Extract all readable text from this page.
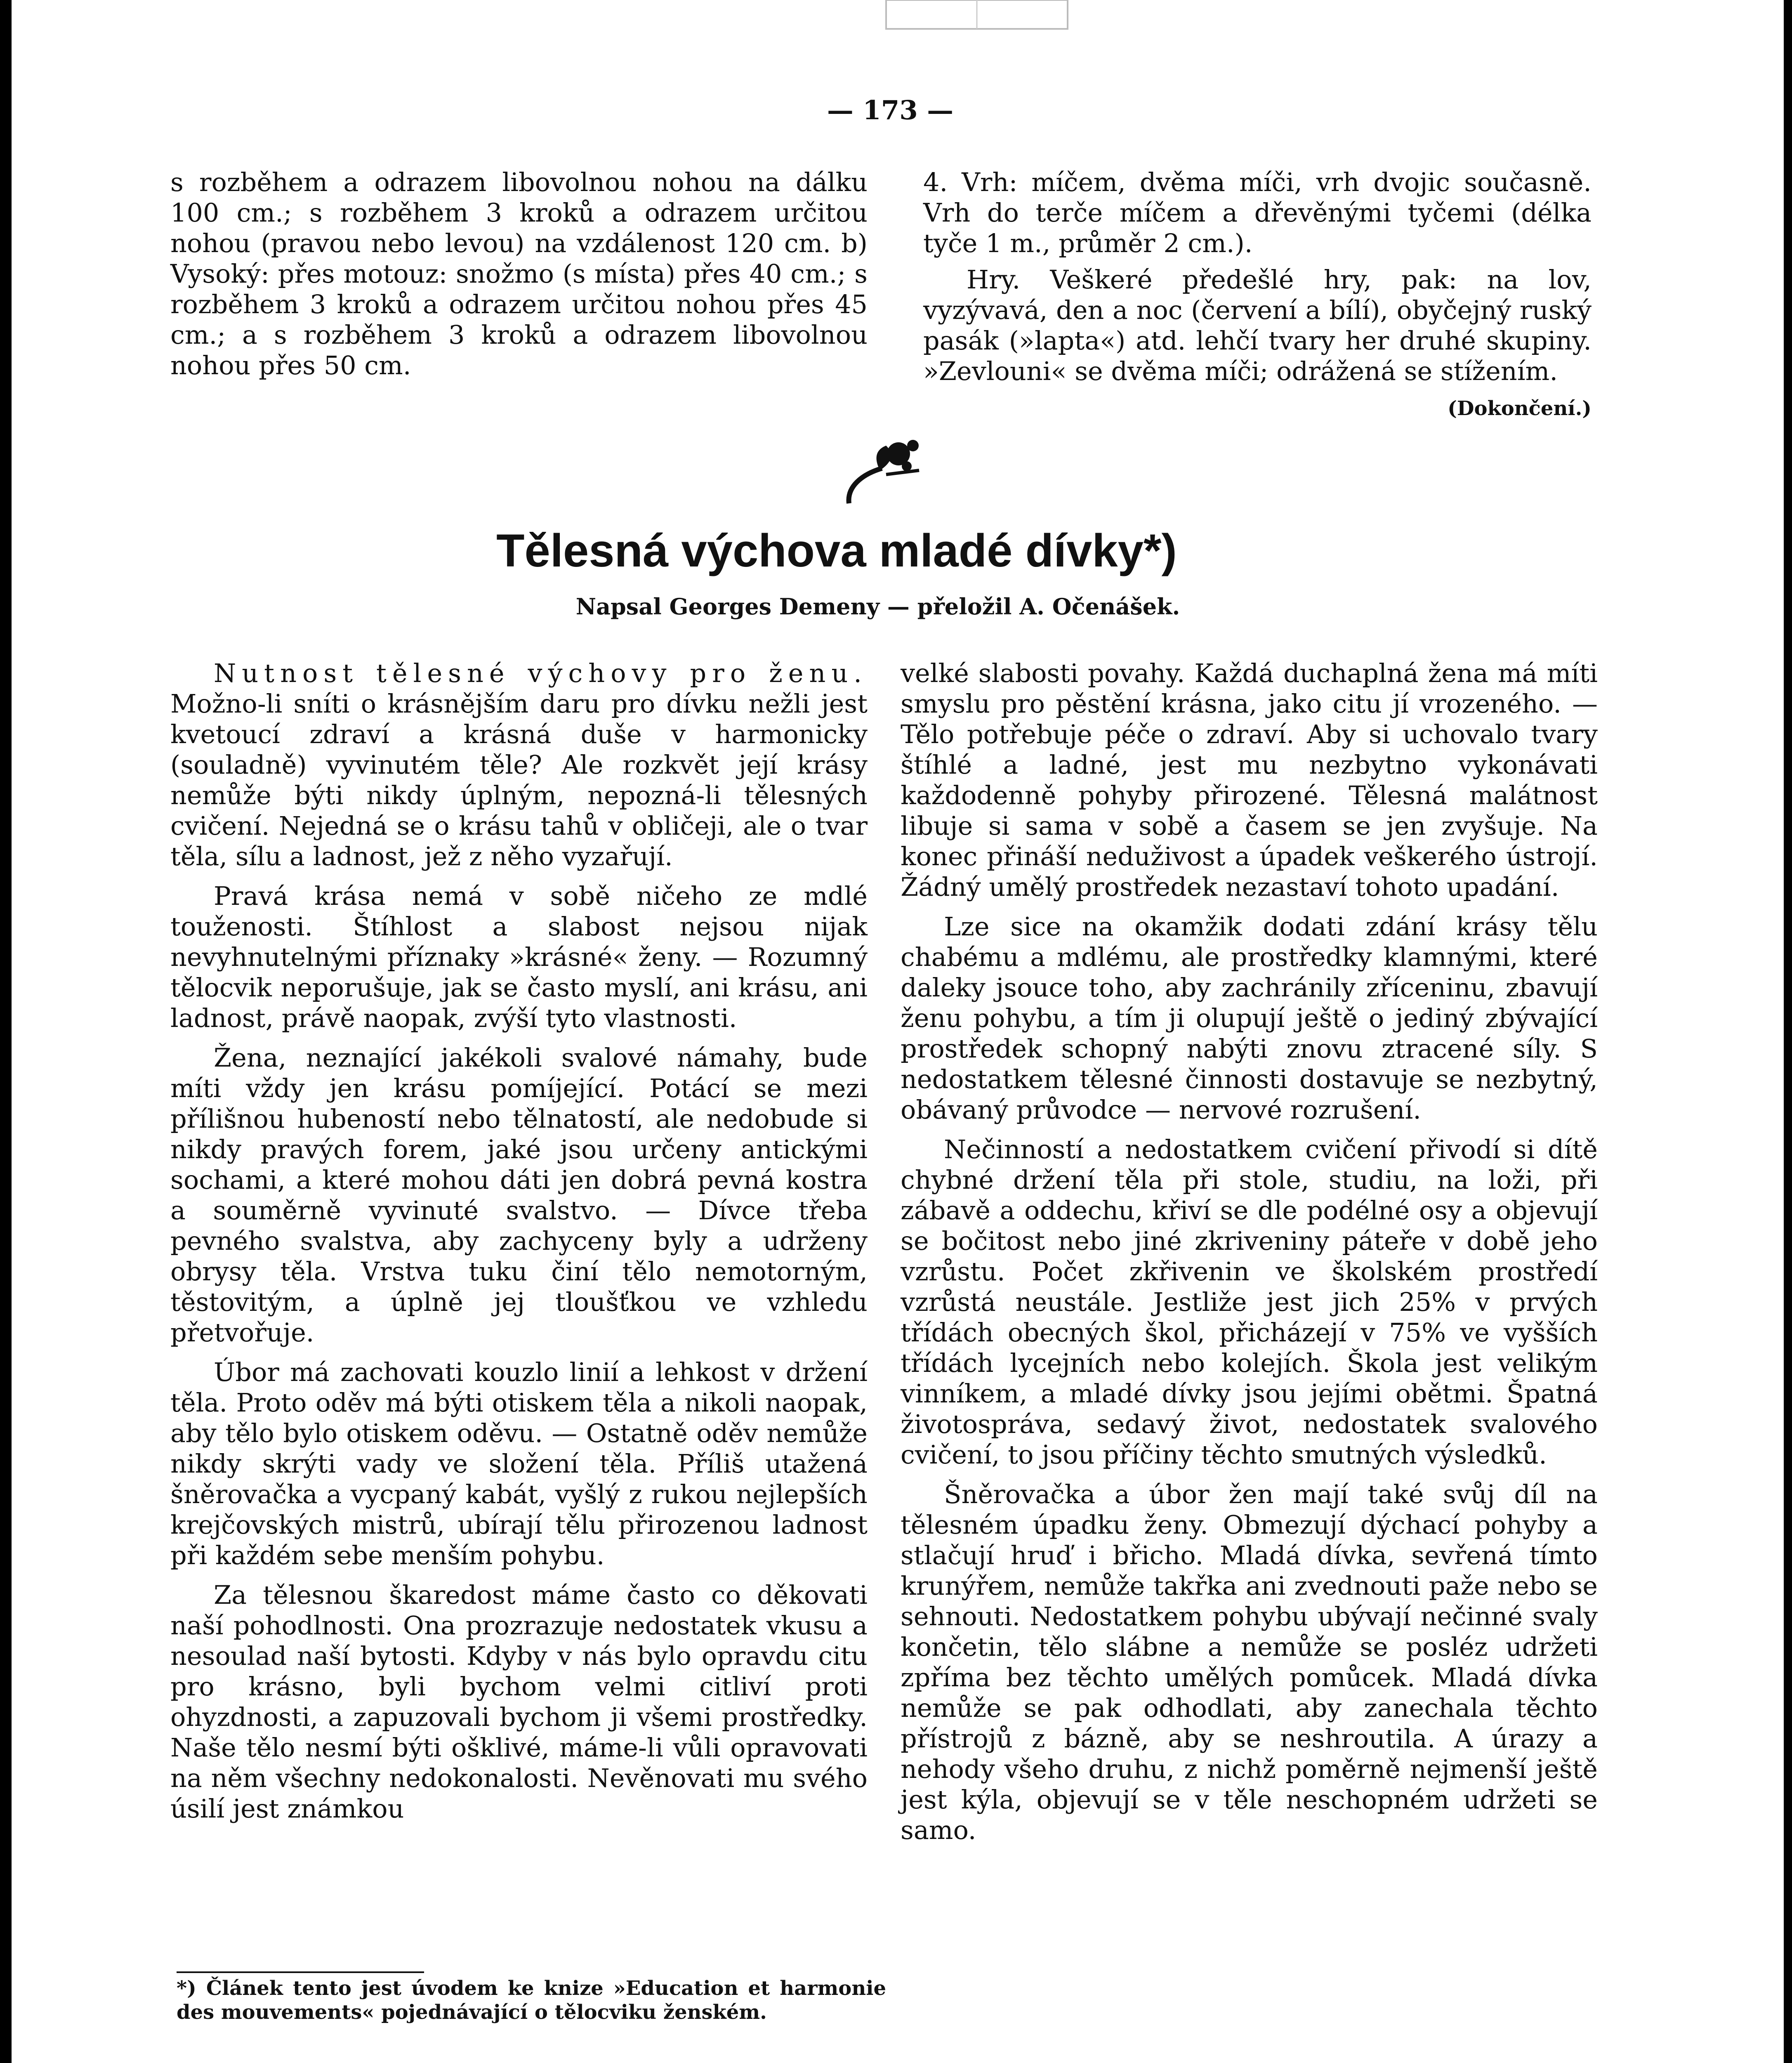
— 173 —

s rozběhem a odrazem libovolnou nohou na dálku 100 cm.; s rozběhem 3 kroků a odrazem určitou nohou (pravou nebo levou) na vzdálenost 120 cm. b) Vysoký: přes motouz: snožmo (s místa) přes 40 cm.; s rozběhem 3 kroků a odrazem určitou nohou přes 45 cm.; a s rozběhem 3 kroků a odrazem libovolnou nohou přes 50 cm.

4. Vrh: míčem, dvěma míči, vrh dvojic současně. Vrh do terče míčem a dřevěnými tyčemi (délka tyče 1 m., průměr 2 cm.).

Hry. Veškeré předešlé hry, pak: na lov, vyzývavá, den a noc (červení a bílí), obyčejný ruský pasák (»lapta«) atd. lehčí tvary her druhé skupiny. »Zevlouni« se dvěma míči; odrážená se stížením.

(Dokončení.)
Tělesná výchova mladé dívky*)
Napsal Georges Demeny — přeložil A. Očenášek.

Nutnost tělesné výchovy pro ženu. Možno-li sníti o krásnějším daru pro dívku nežli jest kvetoucí zdraví a krásná duše v harmonicky (souladně) vyvinutém těle? Ale rozkvět její krásy nemůže býti nikdy úplným, nepozná-li tělesných cvičení. Nejedná se o krásu tahů v obličeji, ale o tvar těla, sílu a ladnost, jež z něho vyzařují.

Pravá krása nemá v sobě ničeho ze mdlé touženosti. Štíhlost a slabost nejsou nijak nevyhnutelnými příznaky »krásné« ženy. — Rozumný tělocvik neporušuje, jak se často myslí, ani krásu, ani ladnost, právě naopak, zvýší tyto vlastnosti.

Žena, neznající jakékoli svalové námahy, bude míti vždy jen krásu pomíjející. Potácí se mezi přílišnou hubeností nebo tělnatostí, ale nedobude si nikdy pravých forem, jaké jsou určeny antickými sochami, a které mohou dáti jen dobrá pevná kostra a souměrně vyvinuté svalstvo. — Dívce třeba pevného svalstva, aby zachyceny byly a udrženy obrysy těla. Vrstva tuku činí tělo nemotorným, těstovitým, a úplně jej tloušťkou ve vzhledu přetvořuje.

Úbor má zachovati kouzlo linií a lehkost v držení těla. Proto oděv má býti otiskem těla a nikoli naopak, aby tělo bylo otiskem oděvu. — Ostatně oděv nemůže nikdy skrýti vady ve složení těla. Příliš utažená šněrovačka a vycpaný kabát, vyšlý z rukou nejlepších krejčovských mistrů, ubírají tělu přirozenou ladnost při každém sebe menším pohybu.

Za tělesnou škaredost máme často co děkovati naší pohodlnosti. Ona prozrazuje nedostatek vkusu a nesoulad naší bytosti. Kdyby v nás bylo opravdu citu pro krásno, byli bychom velmi citliví proti ohyzdnosti, a zapuzovali bychom ji všemi prostředky. Naše tělo nesmí býti ošklivé, máme-li vůli opravovati na něm všechny nedokonalosti. Nevěnovati mu svého úsilí jest známkou

velké slabosti povahy. Každá duchaplná žena má míti smyslu pro pěstění krásna, jako citu jí vrozeného. — Tělo potřebuje péče o zdraví. Aby si uchovalo tvary štíhlé a ladné, jest mu nezbytno vykonávati každodenně pohyby přirozené. Tělesná malátnost libuje si sama v sobě a časem se jen zvyšuje. Na konec přináší neduživost a úpadek veškerého ústrojí. Žádný umělý prostředek nezastaví tohoto upadání.

Lze sice na okamžik dodati zdání krásy tělu chabému a mdlému, ale prostředky klamnými, které daleky jsouce toho, aby zachránily zříceninu, zbavují ženu pohybu, a tím ji olupují ještě o jediný zbývající prostředek schopný nabýti znovu ztracené síly. S nedostatkem tělesné činnosti dostavuje se nezbytný, obávaný průvodce — nervové rozrušení.

Nečinností a nedostatkem cvičení přivodí si dítě chybné držení těla při stole, studiu, na loži, při zábavě a oddechu, křiví se dle podélné osy a objevují se bočitost nebo jiné zkriveniny páteře v době jeho vzrůstu. Počet zkřivenin ve školském prostředí vzrůstá neustále. Jestliže jest jich 25% v prvých třídách obecných škol, přicházejí v 75% ve vyšších třídách lycejních nebo kolejích. Škola jest velikým vinníkem, a mladé dívky jsou jejími obětmi. Špatná životospráva, sedavý život, nedostatek svalového cvičení, to jsou příčiny těchto smutných výsledků.

Šněrovačka a úbor žen mají také svůj díl na tělesném úpadku ženy. Obmezují dýchací pohyby a stlačují hruď i břicho. Mladá dívka, sevřená tímto krunýřem, nemůže takřka ani zvednouti paže nebo se sehnouti. Nedostatkem pohybu ubývají nečinné svaly končetin, tělo slábne a nemůže se posléz udržeti zpříma bez těchto umělých pomůcek. Mladá dívka nemůže se pak odhodlati, aby zanechala těchto přístrojů z bázně, aby se neshroutila. A úrazy a nehody všeho druhu, z nichž poměrně nejmenší ještě jest kýla, objevují se v těle neschopném udržeti se samo.

*) Článek tento jest úvodem ke knize »Education et harmonie des mouvements« pojednávající o tělocviku ženském.
